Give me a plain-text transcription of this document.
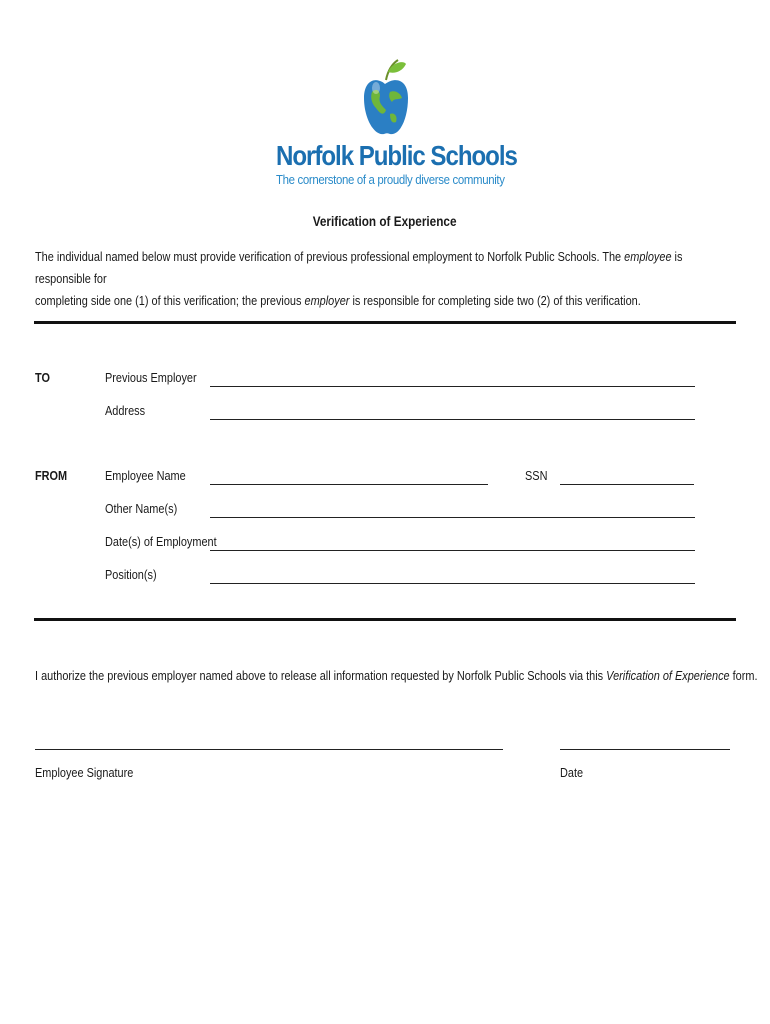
Norfolk Public Schools
The cornerstone of a proudly diverse community
Verification of Experience

The individual named below must provide verification of previous professional employment to Norfolk Public Schools. The employee is responsible for

completing side one (1) of this verification; the previous employer is responsible for completing side two (2) of this verification.

TO	Previous Employer
Address
FROM	Employee Name	SSN
Other Name(s)
Date(s) of Employment
Position(s)
I authorize the previous employer named above to release all information requested by Norfolk Public Schools via this Verification of Experience form.
Employee Signature	Date
